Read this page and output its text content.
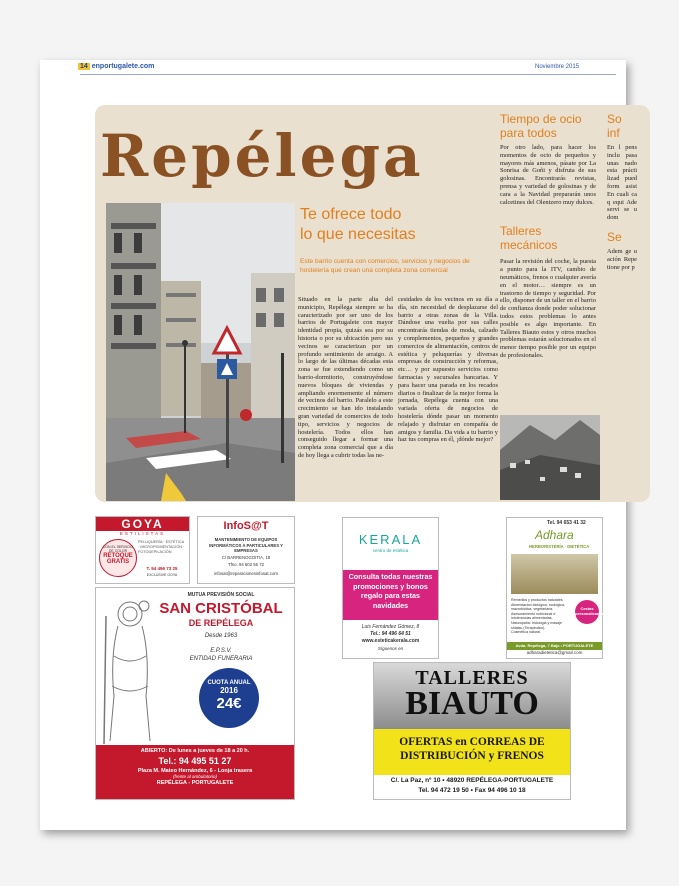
14 enportugalete.com	Noviembre 2015
Repélega
Te ofrece todo
lo que necesitas
Este barrio cuenta con comercios, servicios y negocios de hostelería que crean una completa zona comercial
Situado en la parte alta del municipio, Repélega siempre se ha caracterizado por ser uno de los barrios de Portugalete con mayor identidad propia, quizás sea por su historia o por su ubicación pero sus vecinos se caracterizan por un profundo sentimiento de arraigo. A lo largo de las últimas décadas esta zona se fue extendiendo como un barrio-dormitorio, construyéndose nuevos bloques de viviendas y ampliando enormemente el número de vecinos del barrio. Paralelo a este crecimiento se han ido instalando gran variedad de comercios de todo tipo, servicios y negocios de hostelería. Todos ellos han conseguido llegar a formar una completa zona comercial que a día de hoy llega a cubrir todas las ne-
cesidades de los vecinos en su día a día, sin necesidad de desplazarse del barrio a otras zonas de la Villa. Dándose una vuelta por sus calles encontrarás tiendas de moda, calzado y complementos, pequeños y grandes comercios de alimentación, centros de estética y peluquerías y diversas empresas de construcción y reformas, etc… y por supuesto servicios como farmacias y sucursales bancarias. Y para hacer una parada en los recados diarios o finalizar de la mejor forma la jornada, Repélega cuenta con una variada oferta de negocios de hostelería dónde pasar un momento relajado y disfrutar en compañía de amigos y familia. Da vida a tu barrio y haz tus compras en él, ¡dónde mejor?
Tiempo de ocio
para todos
Por otro lado, para hacer los momentos de ocio de pequeños y mayores más amenos, pásate por La Sonrisa de Goñi y disfruta de sus golosinas. Encontrarás revistas, prensa y variedad de golosinas y de cara a la Navidad prepararán unos calcetines del Olentzero muy dulces.
Talleres
mecánicos
Pasar la revisión del coche, la puesta a punto para la ITV, cambio de neumáticos, frenos o cualquier avería en el motor… siempre es un trastorno de tiempo y seguridad. Por ello, disponer de un taller en el barrio de confianza donde poder solucionar todos estos problemas lo antes posible es algo importante. En Talleres Biauto estos y otros muchos problemas estarán solucionados en el menor tiempo posible por un equipo de profesionales.
So
inf
En l pens inclu pasa unas nado esta prácti lizad pued form asist En cuali ca q equi Ade servi se u dom
Se
Adem ge u ación Repe tione por p
GOYA
ESTILISTAS
CON EL SERVICIO DE COLOR
RETOQUE
GRATIS
PELUQUERÍA · ESTÉTICA · MICROPIGMENTACIÓN · FOTODEPILACIÓN
T. 94 496 73 25
EXCLUSIVE GOYA
InfoS@T
MANTENIMIENTO DE EQUIPOS INFORMÁTICOS A PARTICULARES Y EMPRESAS
C/ BARRENOGOITIA, 18
Tfno. 94 602 55 72
infosat@reparacionesinfosat.com
MUTUA PREVISIÓN SOCIAL
SAN CRISTÓBAL
DE REPÉLEGA
Desde 1963
E.P.S.V.
ENTIDAD FUNERARIA
CUOTA ANUAL
2016
24€
ABIERTO: De lunes a jueves de 18 a 20 h.
Tel.: 94 495 51 27
Plaza M. Mateo Hernández, 6 - Lonja trasera
(frente al ambulatorio)
REPÉLEGA - PORTUGALETE
KERALA
centro de estética
Consulta todas nuestras promociones y bonos regalo para estas navidades
Luis Fernández Gómez, 8
Tel.: 94 496 64 51
www.esteticakerala.com
Síguenos en
Tel. 94 653 41 32
Adhara
HERBORISTERÍA · DIETÉTICA
Remedios y productos naturales.
Alimentación biológica, ecológica, macrobiótica, vegetariana.
Asesoramiento nutricional e intolerancias alimentarias.
Naturopatía: Iridología y masaje shiatsu (Terapéutico).
Cosmética natural.
Cestas personalizadas
Avda. Repélega, 7 Bajo • PORTUGALETE
adharadietetica@gmail.com
TALLERES
BIAUTO
OFERTAS en CORREAS DE DISTRIBUCIÓN y FRENOS
C/. La Paz, nº 10 • 48920 REPÉLEGA-PORTUGALETE
Tel. 94 472 19 50 • Fax 94 496 10 18
